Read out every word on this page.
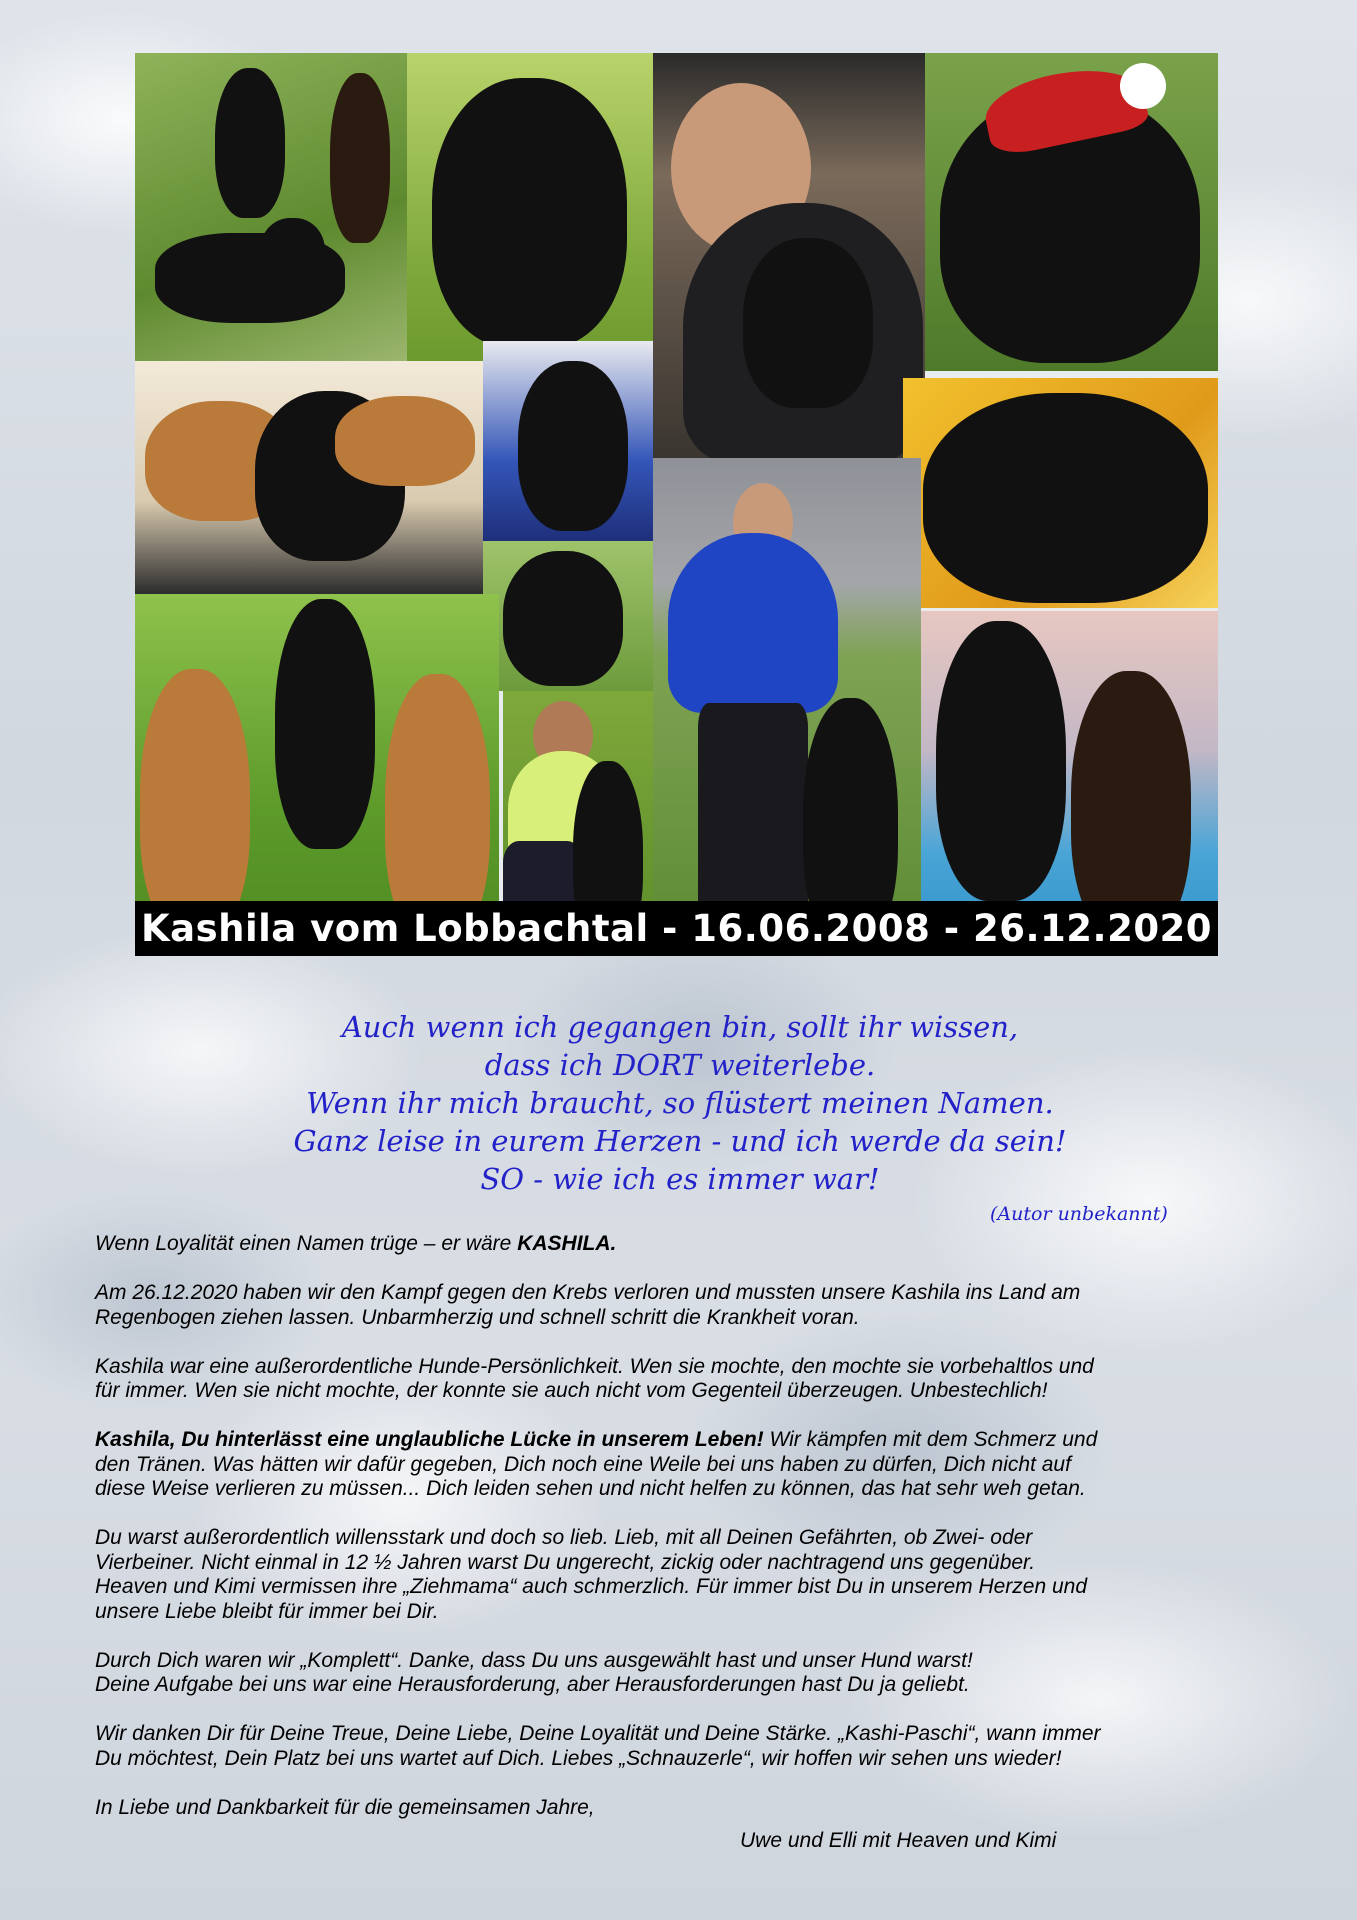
Kashila vom Lobbachtal - 16.06.2008 - 26.12.2020
Auch wenn ich gegangen bin, sollt ihr wissen,
dass ich DORT weiterlebe.
Wenn ihr mich braucht, so flüstert meinen Namen.
Ganz leise in eurem Herzen - und ich werde da sein!
SO - wie ich es immer war!
(Autor unbekannt)

Wenn Loyalität einen Namen trüge – er wäre KASHILA.

Am 26.12.2020 haben wir den Kampf gegen den Krebs verloren und mussten unsere Kashila ins Land am
Regenbogen ziehen lassen. Unbarmherzig und schnell schritt die Krankheit voran.

Kashila war eine außerordentliche Hunde-Persönlichkeit. Wen sie mochte, den mochte sie vorbehaltlos und
für immer. Wen sie nicht mochte, der konnte sie auch nicht vom Gegenteil überzeugen. Unbestechlich!

Kashila, Du hinterlässt eine unglaubliche Lücke in unserem Leben! Wir kämpfen mit dem Schmerz und
den Tränen. Was hätten wir dafür gegeben, Dich noch eine Weile bei uns haben zu dürfen, Dich nicht auf
diese Weise verlieren zu müssen... Dich leiden sehen und nicht helfen zu können, das hat sehr weh getan.

Du warst außerordentlich willensstark und doch so lieb. Lieb, mit all Deinen Gefährten, ob Zwei- oder
Vierbeiner. Nicht einmal in 12 ½ Jahren warst Du ungerecht, zickig oder nachtragend uns gegenüber.
Heaven und Kimi vermissen ihre „Ziehmama“ auch schmerzlich. Für immer bist Du in unserem Herzen und
unsere Liebe bleibt für immer bei Dir.

Durch Dich waren wir „Komplett“. Danke, dass Du uns ausgewählt hast und unser Hund warst!
Deine Aufgabe bei uns war eine Herausforderung, aber Herausforderungen hast Du ja geliebt.

Wir danken Dir für Deine Treue, Deine Liebe, Deine Loyalität und Deine Stärke. „Kashi-Paschi“, wann immer
Du möchtest, Dein Platz bei uns wartet auf Dich. Liebes „Schnauzerle“, wir hoffen wir sehen uns wieder!

In Liebe und Dankbarkeit für die gemeinsamen Jahre,

Uwe und Elli mit Heaven und Kimi
